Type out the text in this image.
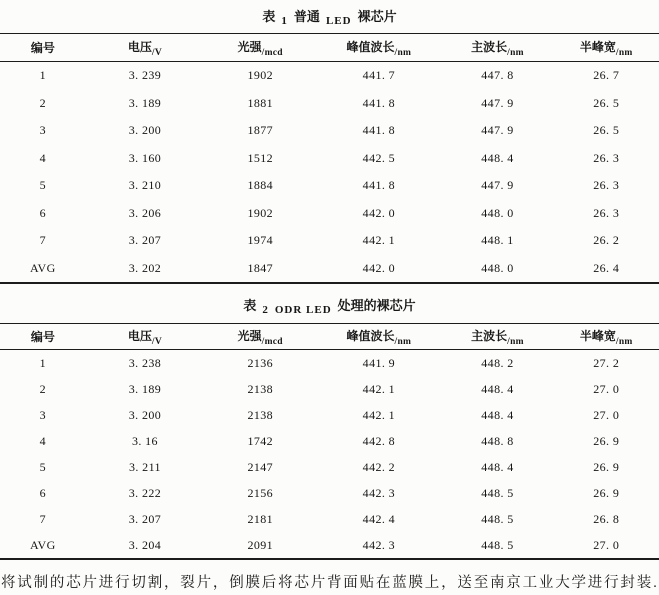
表 1 普通 LED 裸芯片
编号	电压$_{/V}$	光强$_{/mcd}$	峰值波长$_{/nm}$	主波长$_{/nm}$	半峰宽$_{/nm}$
1	3. 239	1902	441. 7	447. 8	26. 7
2	3. 189	1881	441. 8	447. 9	26. 5
3	3. 200	1877	441. 8	447. 9	26. 5
4	3. 160	1512	442. 5	448. 4	26. 3
5	3. 210	1884	441. 8	447. 9	26. 3
6	3. 206	1902	442. 0	448. 0	26. 3
7	3. 207	1974	442. 1	448. 1	26. 2
AVG	3. 202	1847	442. 0	448. 0	26. 4
表 2 ODR LED 处理的裸芯片
编号	电压$_{/V}$	光强$_{/mcd}$	峰值波长$_{/nm}$	主波长$_{/nm}$	半峰宽$_{/nm}$
1	3. 238	2136	441. 9	448. 2	27. 2
2	3. 189	2138	442. 1	448. 4	27. 0
3	3. 200	2138	442. 1	448. 4	27. 0
4	3. 16	1742	442. 8	448. 8	26. 9
5	3. 211	2147	442. 2	448. 4	26. 9
6	3. 222	2156	442. 3	448. 5	26. 9
7	3. 207	2181	442. 4	448. 5	26. 8
AVG	3. 204	2091	442. 3	448. 5	27. 0
将试制的芯片进行切割，裂片，倒膜后将芯片 背面贴在蓝膜上，送至南京工业大学进行封装.
